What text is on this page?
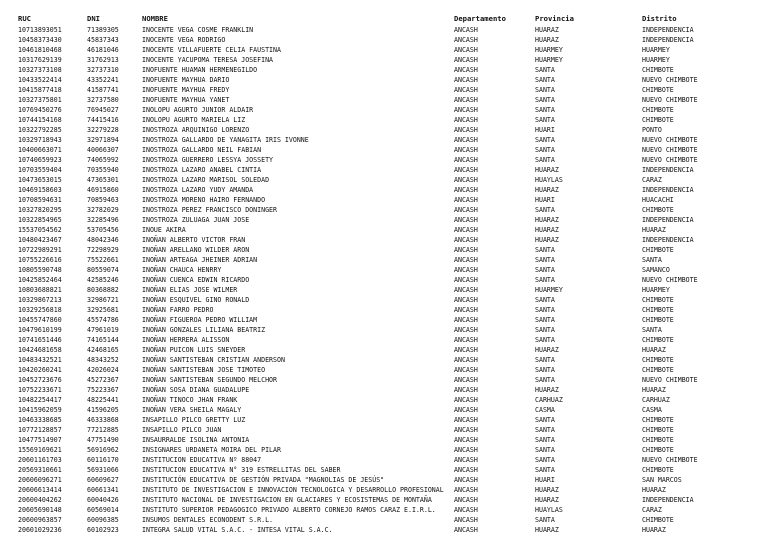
RUC	DNI	NOMBRE	Departamento	Provincia	Distrito
10713893051	71389305	INOCENTE VEGA COSME FRANKLIN	ANCASH	HUARAZ	INDEPENDENCIA
10458373430	45837343	INOCENTE VEGA RODRIGO	ANCASH	HUARAZ	INDEPENDENCIA
10461810468	46181046	INOCENTE VILLAFUERTE CELIA FAUSTINA	ANCASH	HUARMEY	HUARMEY
10317629139	31762913	INOCENTE YACUPOMA TERESA JOSEFINA	ANCASH	HUARMEY	HUARMEY
10327373108	32737310	INOFUENTE HUAMAN HERMENEGILDO	ANCASH	SANTA	CHIMBOTE
10433522414	43352241	INOFUENTE MAYHUA DARIO	ANCASH	SANTA	NUEVO CHIMBOTE
10415877418	41587741	INOFUENTE MAYHUA FREDY	ANCASH	SANTA	CHIMBOTE
10327375801	32737580	INOFUENTE MAYHUA YANET	ANCASH	SANTA	NUEVO CHIMBOTE
10769450276	76945027	INOLOPU AGURTO JUNIOR ALDAIR	ANCASH	SANTA	CHIMBOTE
10744154168	74415416	INOLOPU AGURTO MARIELA LIZ	ANCASH	SANTA	CHIMBOTE
10322792285	32279228	INOSTROZA ARQUINIGO LORENZO	ANCASH	HUARI	PONTO
10329718943	32971894	INOSTROZA GALLARDO DE YANAGITA IRIS IVONNE	ANCASH	SANTA	NUEVO CHIMBOTE
10400663071	40066307	INOSTROZA GALLARDO NEIL FABIAN	ANCASH	SANTA	NUEVO CHIMBOTE
10740659923	74065992	INOSTROZA GUERRERO LESSYA JOSSETY	ANCASH	SANTA	NUEVO CHIMBOTE
10703559404	70355940	INOSTROZA LAZARO ANABEL CINTIA	ANCASH	HUARAZ	INDEPENDENCIA
10473653015	47365301	INOSTROZA LAZARO MARISOL SOLEDAD	ANCASH	HUAYLAS	CARAZ
10469158603	46915860	INOSTROZA LAZARO YUDY AMANDA	ANCASH	HUARAZ	INDEPENDENCIA
10708594631	70859463	INOSTROZA MORENO HAIRO FERNANDO	ANCASH	HUARI	HUACACHI
10327820295	32782029	INOSTROZA PEREZ FRANCISCO DONINGER	ANCASH	SANTA	CHIMBOTE
10322854965	32285496	INOSTROZA ZULUAGA JUAN JOSE	ANCASH	HUARAZ	INDEPENDENCIA
15537054562	53705456	INOUE AKIRA	ANCASH	HUARAZ	HUARAZ
10480423467	48042346	INOÑAN ALBERTO VICTOR FRAN	ANCASH	HUARAZ	INDEPENDENCIA
10722989291	72298929	INOÑAN ARELLANO WILDER ARON	ANCASH	SANTA	CHIMBOTE
10755226616	75522661	INOÑAN ARTEAGA JHEINER ADRIAN	ANCASH	SANTA	SANTA
10805590748	80559074	INOÑAN CHAUCA HENRRY	ANCASH	SANTA	SAMANCO
10425852464	42585246	INOÑAN CUENCA EDWIN RICARDO	ANCASH	SANTA	NUEVO CHIMBOTE
10803688821	80368882	INOÑAN ELIAS JOSE WILMER	ANCASH	HUARMEY	HUARMEY
10329867213	32986721	INOÑAN ESQUIVEL GINO RONALD	ANCASH	SANTA	CHIMBOTE
10329256818	32925681	INOÑAN FARRO PEDRO	ANCASH	SANTA	CHIMBOTE
10455747860	45574786	INOÑAN FIGUEROA PEDRO WILLIAM	ANCASH	SANTA	CHIMBOTE
10479610199	47961019	INOÑAN GONZALES LILIANA BEATRIZ	ANCASH	SANTA	SANTA
10741651446	74165144	INOÑAN HERRERA ALISSON	ANCASH	SANTA	CHIMBOTE
10424681658	42468165	INOÑAN PUICON LUIS SNEYDER	ANCASH	HUARAZ	HUARAZ
10483432521	48343252	INOÑAN SANTISTEBAN CRISTIAN ANDERSON	ANCASH	SANTA	CHIMBOTE
10420260241	42026024	INOÑAN SANTISTEBAN JOSE TIMOTEO	ANCASH	SANTA	CHIMBOTE
10452723676	45272367	INOÑAN SANTISTEBAN SEGUNDO MELCHOR	ANCASH	SANTA	NUEVO CHIMBOTE
10752233671	75223367	INOÑAN SOSA DIANA GUADALUPE	ANCASH	HUARAZ	HUARAZ
10482254417	48225441	INOÑAN TINOCO JHAN FRANK	ANCASH	CARHUAZ	CARHUAZ
10415962059	41596205	INOÑAN VERA SHEILA MAGALY	ANCASH	CASMA	CASMA
10463338685	46333868	INSAPILLO PILCO GRETTY LUZ	ANCASH	SANTA	CHIMBOTE
10772128857	77212885	INSAPILLO PILCO JUAN	ANCASH	SANTA	CHIMBOTE
10477514907	47751490	INSAURRALDE ISOLINA ANTONIA	ANCASH	SANTA	CHIMBOTE
15569169621	56916962	INSIGNARES URDANETA MOIRA DEL PILAR	ANCASH	SANTA	CHIMBOTE
20601161703	60116170	INSTITUCION EDUCATIVA Nº 88047	ANCASH	SANTA	NUEVO CHIMBOTE
20569310661	56931066	INSTITUCION EDUCATIVA N° 319 ESTRELLITAS DEL SABER	ANCASH	SANTA	CHIMBOTE
20606096271	60609627	INSTITUCIÓN EDUCATIVA DE GESTIÓN PRIVADA "MAGNOLIAS DE JESÚS"	ANCASH	HUARI	SAN MARCOS
20606613414	60661341	INSTITUTO DE INVESTIGACION E INNOVACION TECNOLOGICA Y DESARROLLO PROFESIONAL	ANCASH	HUARAZ	HUARAZ
20600404262	60040426	INSTITUTO NACIONAL DE INVESTIGACION EN GLACIARES Y ECOSISTEMAS DE MONTAÑA	ANCASH	HUARAZ	INDEPENDENCIA
20605690148	60569014	INSTITUTO SUPERIOR PEDAGOGICO PRIVADO ALBERTO CORNEJO RAMOS CARAZ E.I.R.L.	ANCASH	HUAYLAS	CARAZ
20600963857	60096385	INSUMOS DENTALES ECONODENT S.R.L.	ANCASH	SANTA	CHIMBOTE
20601029236	60102923	INTEGRA SALUD VITAL S.A.C. - INTESA VITAL S.A.C.	ANCASH	HUARAZ	HUARAZ
